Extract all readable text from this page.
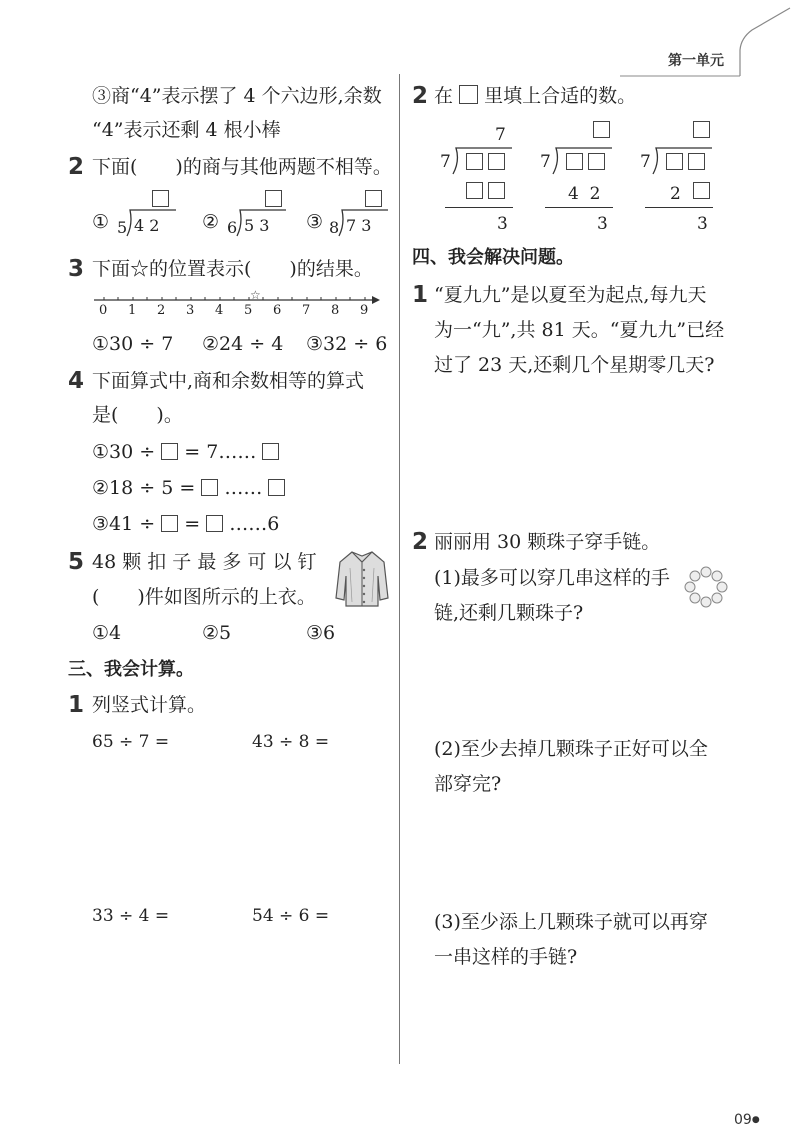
第一单元
③商“4”表示摆了 4 个六边形,余数
“4”表示还剩 4 根小棒
2 下面(　　)的商与其他两题不相等。
① 5 4 2 ② 6 5 3 ③ 8 7 3
3 下面☆的位置表示(　　)的结果。
☆
0 1 2 3 4 5 6 7 8 9
①30 ÷ 7 ②24 ÷ 4 ③32 ÷ 6
4 下面算式中,商和余数相等的算式
是(　　)。
①30 ÷ = 7……
②18 ÷ 5 = ……
③41 ÷ = ……6
5 48 颗 扣 子 最 多 可 以 钉
(　　)件如图所示的上衣。
①4	②5	③6
三、我会计算。
1 列竖式计算。
65 ÷ 7 =	43 ÷ 8 =
33 ÷ 4 =	54 ÷ 6 =
2 在 里填上合适的数。
7
7

3
7

4  2
3
7

2
3
四、我会解决问题。
1 “夏九九”是以夏至为起点,每九天
为一“九”,共 81 天。“夏九九”已经
过了 23 天,还剩几个星期零几天?
2 丽丽用 30 颗珠子穿手链。
(1)最多可以穿几串这样的手
链,还剩几颗珠子?
(2)至少去掉几颗珠子正好可以全
部穿完?
(3)至少添上几颗珠子就可以再穿
一串这样的手链?
09●
